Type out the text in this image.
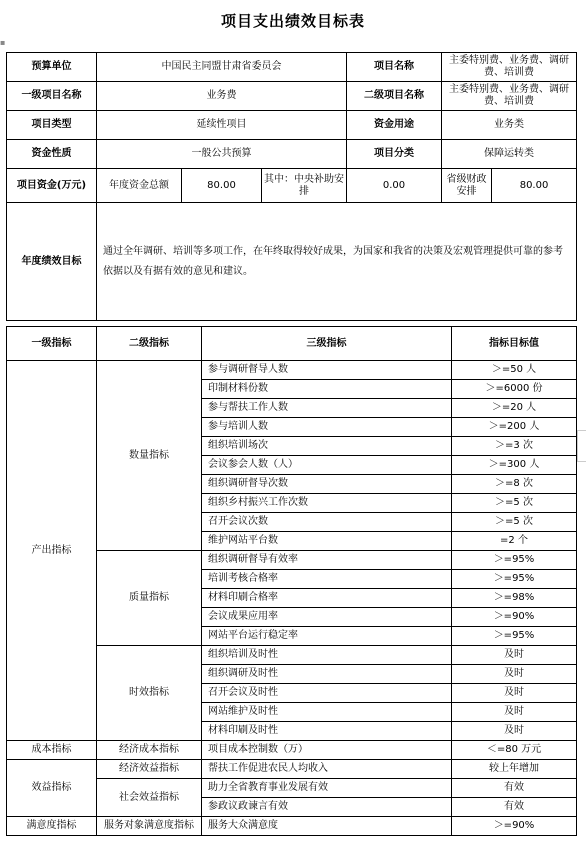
项目支出绩效目标表
▪
预算单位	中国民主同盟甘肃省委员会			项目名称	主委特别费、业务费、调研费、培训费	
一级项目名称	业务费			二级项目名称	主委特别费、业务费、调研费、培训费	
项目类型	延续性项目			资金用途	业务类	
资金性质	一般公共预算			项目分类	保障运转类	
项目资金(万元)	年度资金总额	80.00	其中：中央补助安排	0.00	省级财政安排	80.00
年度绩效目标	通过全年调研、培训等多项工作，在年终取得较好成果，为国家和我省的决策及宏观管理提供可靠的参考依据以及有据有效的意见和建议。					
一级指标	二级指标	三级指标	指标目标值
产出指标	数量指标	参与调研督导人数	＞=50 人
		印制材料份数	＞=6000 份
		参与帮扶工作人数	＞=20 人
		参与培训人数	＞=200 人
		组织培训场次	＞=3 次
		会议参会人数（人）	＞=300 人
		组织调研督导次数	＞=8 次
		组织乡村振兴工作次数	＞=5 次
		召开会议次数	＞=5 次
		维护网站平台数	=2 个
	质量指标	组织调研督导有效率	＞=95%
		培训考核合格率	＞=95%
		材料印刷合格率	＞=98%
		会议成果应用率	＞=90%
		网站平台运行稳定率	＞=95%
	时效指标	组织培训及时性	及时
		组织调研及时性	及时
		召开会议及时性	及时
		网站维护及时性	及时
		材料印刷及时性	及时
成本指标	经济成本指标	项目成本控制数（万）	＜=80 万元
效益指标	经济效益指标	帮扶工作促进农民人均收入	较上年增加
	社会效益指标	助力全省教育事业发展有效	有效
		参政议政谏言有效	有效
满意度指标	服务对象满意度指标	服务大众满意度	＞=90%
